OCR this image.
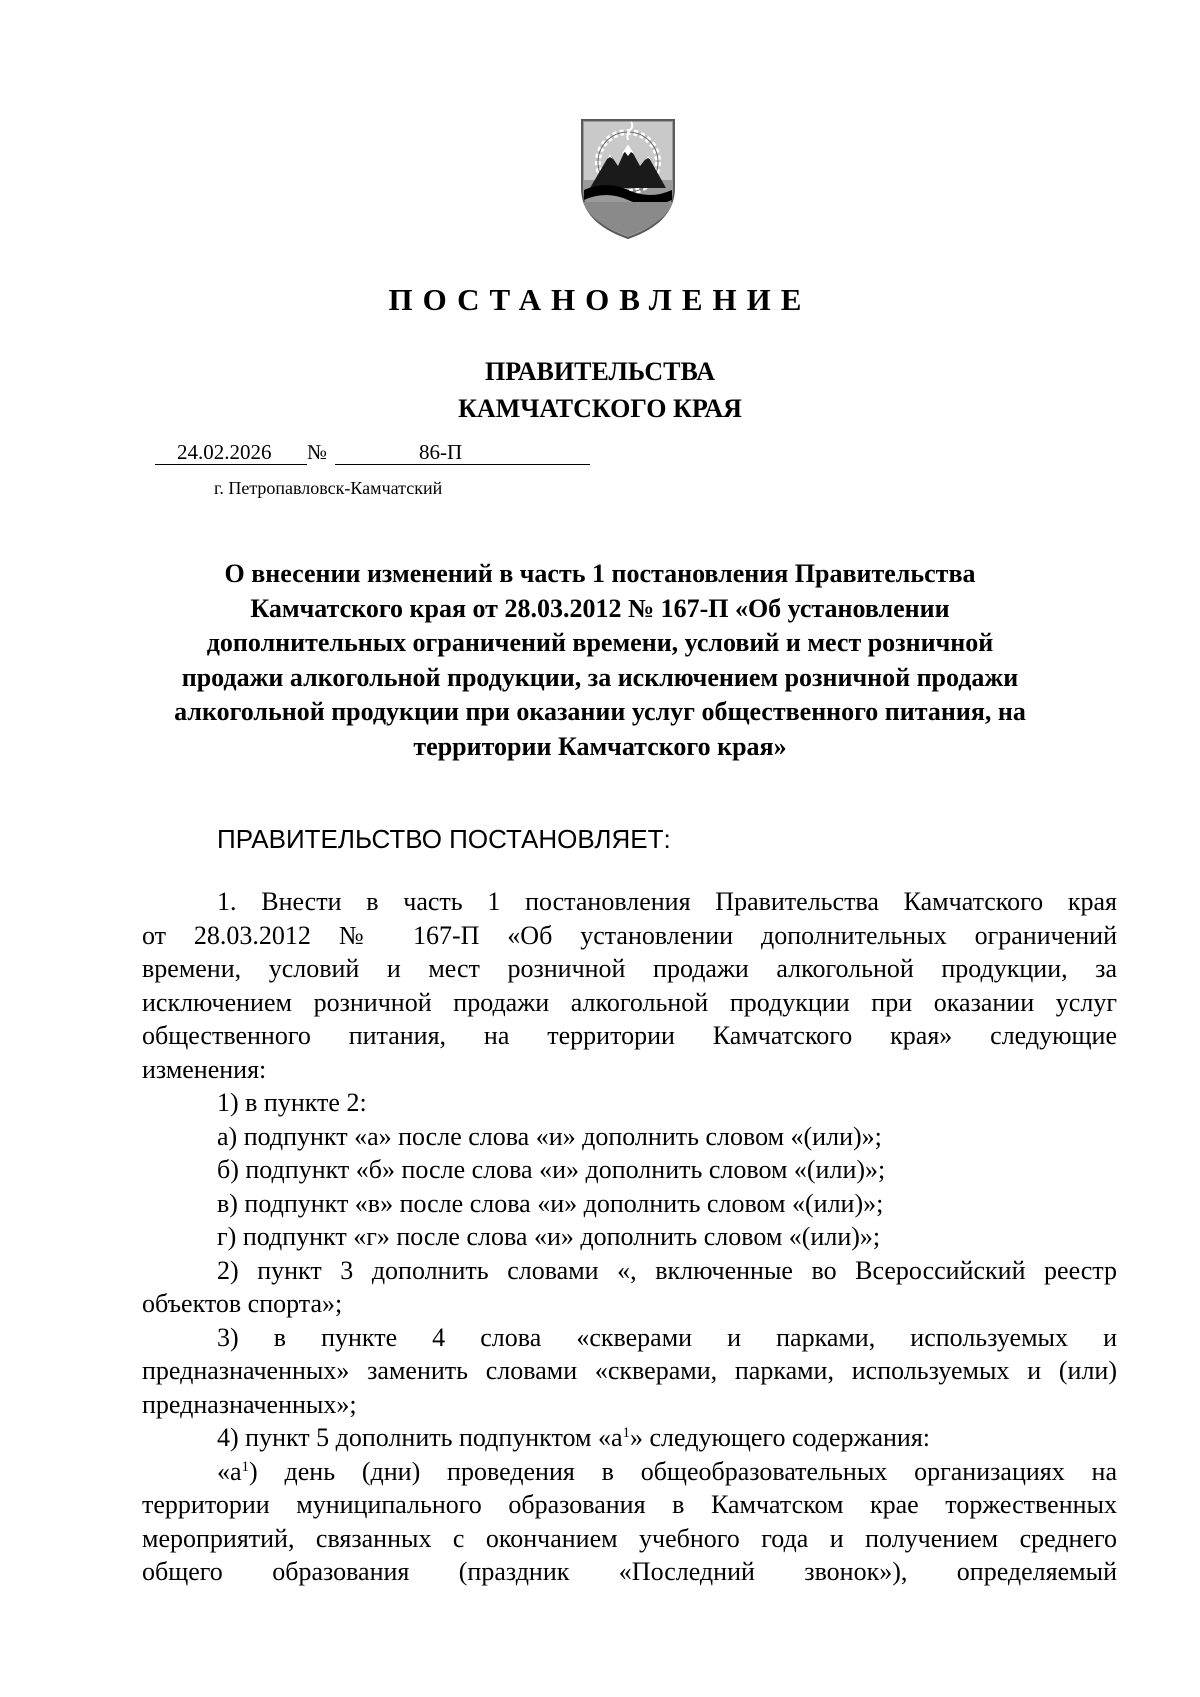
ПОСТАНОВЛЕНИЕ
ПРАВИТЕЛЬСТВА
КАМЧАТСКОГО КРАЯ
24.02.2026 №	86-П
г. Петропавловск-Камчатский
О внесении изменений в часть 1 постановления Правительства
Камчатского края от 28.03.2012 № 167-П «Об установлении
дополнительных ограничений времени, условий и мест розничной
продажи алкогольной продукции, за исключением розничной продажи
алкогольной продукции при оказании услуг общественного питания, на
территории Камчатского края»
ПРАВИТЕЛЬСТВО ПОСТАНОВЛЯЕТ:
1. Внести в часть 1 постановления Правительства Камчатского края
от 28.03.2012 № 167-П «Об установлении дополнительных ограничений
времени, условий и мест розничной продажи алкогольной продукции, за
исключением розничной продажи алкогольной продукции при оказании услуг
общественного питания, на территории Камчатского края» следующие
изменения:
1) в пункте 2:
а) подпункт «а» после слова «и» дополнить словом «(или)»;
б) подпункт «б» после слова «и» дополнить словом «(или)»;
в) подпункт «в» после слова «и» дополнить словом «(или)»;
г) подпункт «г» после слова «и» дополнить словом «(или)»;
2) пункт 3 дополнить словами «, включенные во Всероссийский реестр
объектов спорта»;
3) в пункте 4 слова «скверами и парками, используемых и
предназначенных» заменить словами «скверами, парками, используемых и (или)
предназначенных»;
4) пункт 5 дополнить подпунктом «$а^1$» следующего содержания:
«$а^1$) день (дни) проведения в общеобразовательных организациях на
территории муниципального образования в Камчатском крае торжественных
мероприятий, связанных с окончанием учебного года и получением среднего
общего образования (праздник «Последний звонок»), определяемый
